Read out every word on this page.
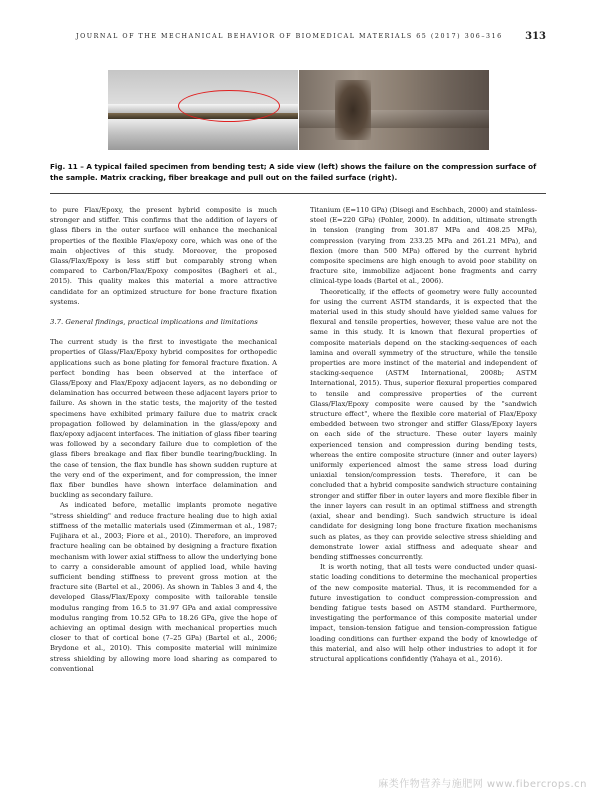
JOURNAL OF THE MECHANICAL BEHAVIOR OF BIOMEDICAL MATERIALS 65 (2017) 306–316 313
Fig. 11 – A typical failed specimen from bending test; A side view (left) shows the failure on the compression surface of the sample. Matrix cracking, fiber breakage and pull out on the failed surface (right).

to pure Flax/Epoxy, the present hybrid composite is much stronger and stiffer. This confirms that the addition of layers of glass fibers in the outer surface will enhance the mechanical properties of the flexible Flax/epoxy core, which was one of the main objectives of this study. Moreover, the proposed Glass/Flax/Epoxy is less stiff but comparably strong when compared to Carbon/Flax/Epoxy composites (Bagheri et al., 2015). This quality makes this material a more attractive candidate for an optimized structure for bone fracture fixation systems.

3.7. General findings, practical implications and limitations

The current study is the first to investigate the mechanical properties of Glass/Flax/Epoxy hybrid composites for orthopedic applications such as bone plating for femoral fracture fixation. A perfect bonding has been observed at the interface of Glass/Epoxy and Flax/Epoxy adjacent layers, as no debonding or delamination has occurred between these adjacent layers prior to failure. As shown in the static tests, the majority of the tested specimens have exhibited primary failure due to matrix crack propagation followed by delamination in the glass/epoxy and flax/epoxy adjacent interfaces. The initiation of glass fiber tearing was followed by a secondary failure due to completion of the glass fibers breakage and flax fiber bundle tearing/buckling. In the case of tension, the flax bundle has shown sudden rupture at the very end of the experiment, and for compression, the inner flax fiber bundles have shown interface delamination and buckling as secondary failure.

As indicated before, metallic implants promote negative "stress shielding" and reduce fracture healing due to high axial stiffness of the metallic materials used (Zimmerman et al., 1987; Fujihara et al., 2003; Fiore et al., 2010). Therefore, an improved fracture healing can be obtained by designing a fracture fixation mechanism with lower axial stiffness to allow the underlying bone to carry a considerable amount of applied load, while having sufficient bending stiffness to prevent gross motion at the fracture site (Bartel et al., 2006). As shown in Tables 3 and 4, the developed Glass/Flax/Epoxy composite with tailorable tensile modulus ranging from 16.5 to 31.97 GPa and axial compressive modulus ranging from 10.52 GPa to 18.26 GPa, give the hope of achieving an optimal design with mechanical properties much closer to that of cortical bone (7–25 GPa) (Bartel et al., 2006; Brydone et al., 2010). This composite material will minimize stress shielding by allowing more load sharing as compared to conventional

Titanium (E=110 GPa) (Disegi and Eschbach, 2000) and stainless-steel (E=220 GPa) (Pohler, 2000). In addition, ultimate strength in tension (ranging from 301.87 MPa and 408.25 MPa), compression (varying from 233.25 MPa and 261.21 MPa), and flexion (more than 500 MPa) offered by the current hybrid composite specimens are high enough to avoid poor stability on fracture site, immobilize adjacent bone fragments and carry clinical-type loads (Bartel et al., 2006).

Theoretically, if the effects of geometry were fully accounted for using the current ASTM standards, it is expected that the material used in this study should have yielded same values for flexural and tensile properties, however, these value are not the same in this study. It is known that flexural properties of composite materials depend on the stacking-sequences of each lamina and overall symmetry of the structure, while the tensile properties are more instinct of the material and independent of stacking-sequence (ASTM International, 2008b; ASTM International, 2015). Thus, superior flexural properties compared to tensile and compressive properties of the current Glass/Flax/Epoxy composite were caused by the "sandwich structure effect", where the flexible core material of Flax/Epoxy embedded between two stronger and stiffer Glass/Epoxy layers on each side of the structure. These outer layers mainly experienced tension and compression during bending tests, whereas the entire composite structure (inner and outer layers) uniformly experienced almost the same stress load during uniaxial tension/compression tests. Therefore, it can be concluded that a hybrid composite sandwich structure containing stronger and stiffer fiber in outer layers and more flexible fiber in the inner layers can result in an optimal stiffness and strength (axial, shear and bending). Such sandwich structure is ideal candidate for designing long bone fracture fixation mechanisms such as plates, as they can provide selective stress shielding and demonstrate lower axial stiffness and adequate shear and bending stiffnesses concurrently.

It is worth noting, that all tests were conducted under quasi-static loading conditions to determine the mechanical properties of the new composite material. Thus, it is recommended for a future investigation to conduct compression-compression and bending fatigue tests based on ASTM standard. Furthermore, investigating the performance of this composite material under impact, tension-tension fatigue and tension-compression fatigue loading conditions can further expand the body of knowledge of this material, and also will help other industries to adopt it for structural applications confidently (Yahaya et al., 2016).

麻类作物营养与施肥网 www.fibercrops.cn
